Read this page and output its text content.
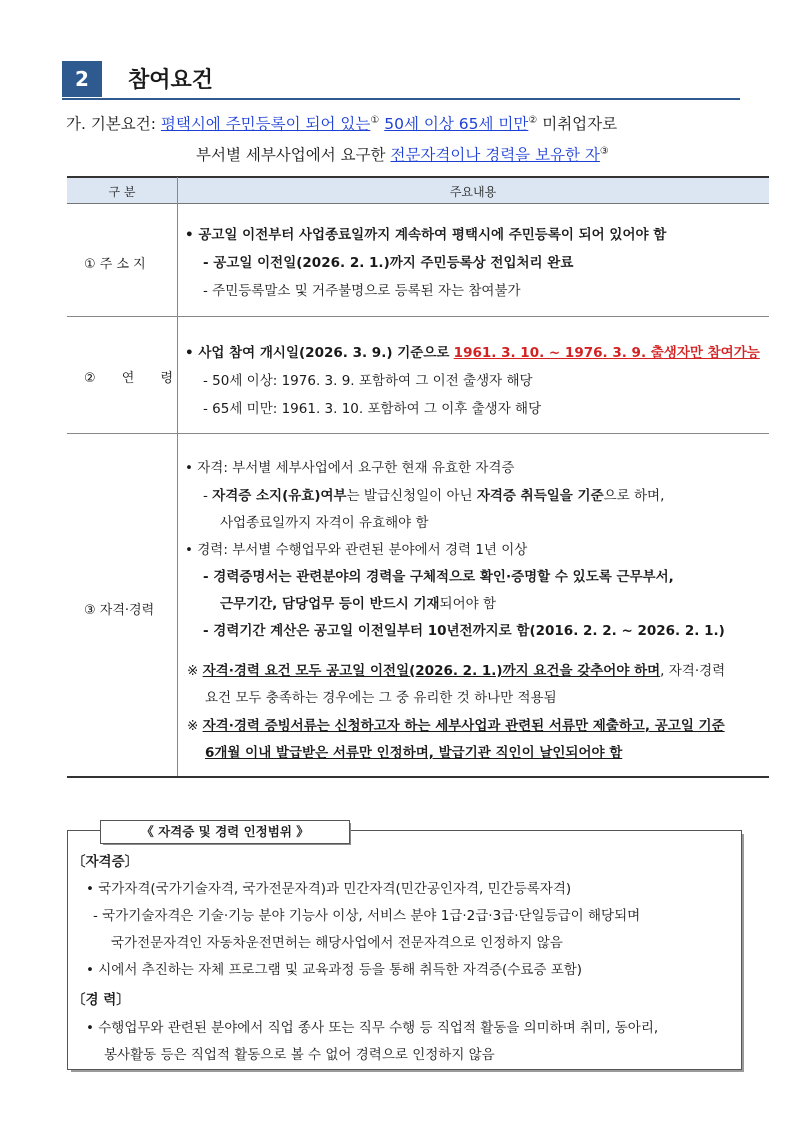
2	참여요건
가. 기본요건: 평택시에 주민등록이 되어 있는① 50세 이상 65세 미만② 미취업자로
부서별 세부사업에서 요구한 전문자격이나 경력을 보유한 자③
구 분	주요내용
① 주 소 지
• 공고일 이전부터 사업종료일까지 계속하여 평택시에 주민등록이 되어 있어야 함
- 공고일 이전일(2026. 2. 1.)까지 주민등록상 전입처리 완료
- 주민등록말소 및 거주불명으로 등록된 자는 참여불가
② 연 령
• 사업 참여 개시일(2026. 3. 9.) 기준으로 1961. 3. 10. ~ 1976. 3. 9. 출생자만 참여가능
- 50세 이상: 1976. 3. 9. 포함하여 그 이전 출생자 해당
- 65세 미만: 1961. 3. 10. 포함하여 그 이후 출생자 해당
③ 자격·경력
• 자격: 부서별 세부사업에서 요구한 현재 유효한 자격증
- 자격증 소지(유효)여부는 발급신청일이 아닌 자격증 취득일을 기준으로 하며,
사업종료일까지 자격이 유효해야 함
• 경력: 부서별 수행업무와 관련된 분야에서 경력 1년 이상
- 경력증명서는 관련분야의 경력을 구체적으로 확인·증명할 수 있도록 근무부서,
근무기간, 담당업무 등이 반드시 기재되어야 함
- 경력기간 계산은 공고일 이전일부터 10년전까지로 함(2016. 2. 2. ~ 2026. 2. 1.)
※ 자격·경력 요건 모두 공고일 이전일(2026. 2. 1.)까지 요건을 갖추어야 하며, 자격·경력
요건 모두 충족하는 경우에는 그 중 유리한 것 하나만 적용됨
※ 자격·경력 증빙서류는 신청하고자 하는 세부사업과 관련된 서류만 제출하고, 공고일 기준
6개월 이내 발급받은 서류만 인정하며, 발급기관 직인이 날인되어야 함
《 자격증 및 경력 인정범위 》
〔자격증〕
• 국가자격(국가기술자격, 국가전문자격)과 민간자격(민간공인자격, 민간등록자격)
- 국가기술자격은 기술·기능 분야 기능사 이상, 서비스 분야 1급·2급·3급·단일등급이 해당되며
국가전문자격인 자동차운전면허는 해당사업에서 전문자격으로 인정하지 않음
• 시에서 추진하는 자체 프로그램 및 교육과정 등을 통해 취득한 자격증(수료증 포함)
〔경 력〕
• 수행업무와 관련된 분야에서 직업 종사 또는 직무 수행 등 직업적 활동을 의미하며 취미, 동아리,
봉사활동 등은 직업적 활동으로 볼 수 없어 경력으로 인정하지 않음
